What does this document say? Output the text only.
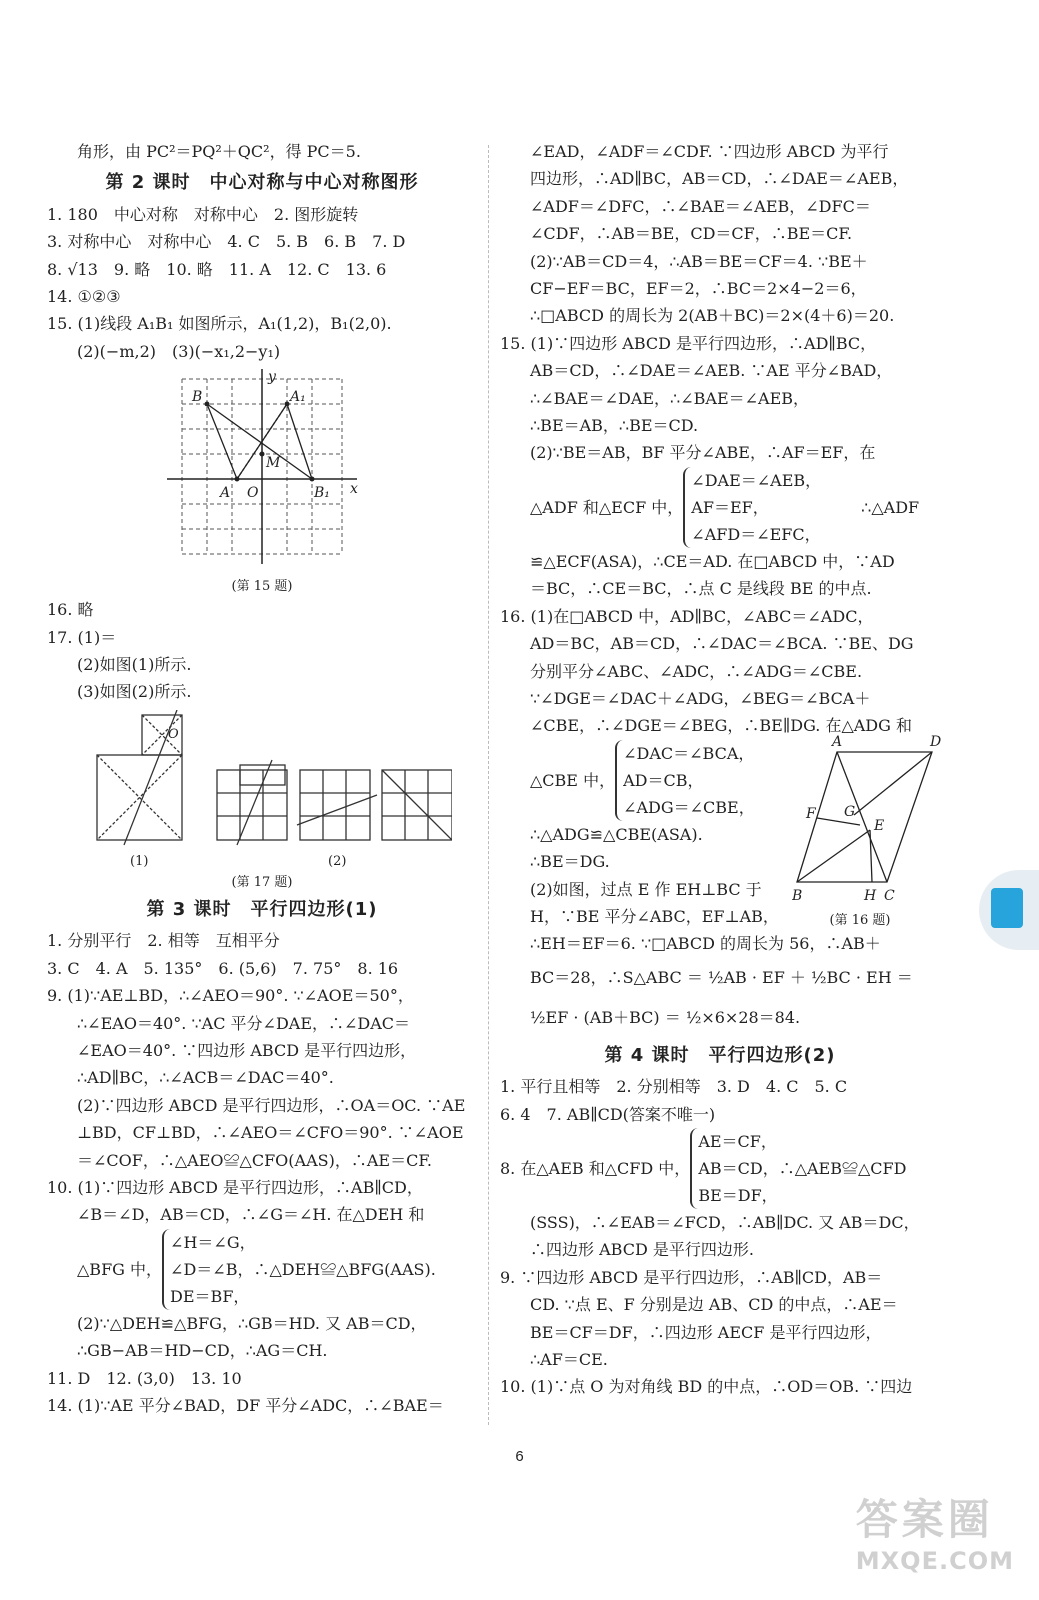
角形，由 PC²＝PQ²＋QC²，得 PC＝5.
第 2 课时　中心对称与中心对称图形
1. 180　中心对称　对称中心　2. 图形旋转
3. 对称中心　对称中心　4. C　5. B　6. B　7. D
8. √13　9. 略　10. 略　11. A　12. C　13. 6
14. ①②③
15. (1)线段 A₁B₁ 如图所示，A₁(1,2)，B₁(2,0).
(2)(−m,2)　(3)(−x₁,2−y₁)
B	A₁
M
A O	B₁ x
y
(第 15 题)
16. 略
17. (1)＝
(2)如图(1)所示.
(3)如图(2)所示.
O
(1)	(2)
(第 17 题)
第 3 课时　平行四边形(1)
1. 分别平行　2. 相等　互相平分
3. C　4. A　5. 135°　6. (5,6)　7. 75°　8. 16
9. (1)∵AE⊥BD，∴∠AEO＝90°. ∵∠AOE＝50°，
∴∠EAO＝40°. ∵AC 平分∠DAE，∴∠DAC＝
∠EAO＝40°. ∵四边形 ABCD 是平行四边形，
∴AD∥BC，∴∠ACB＝∠DAC＝40°.
(2)∵四边形 ABCD 是平行四边形，∴OA＝OC. ∵AE
⊥BD，CF⊥BD，∴∠AEO＝∠CFO＝90°. ∵∠AOE
＝∠COF，∴△AEO≌△CFO(AAS)，∴AE＝CF.
10. (1)∵四边形 ABCD 是平行四边形，∴AB∥CD，
∠B＝∠D，AB＝CD，∴∠G＝∠H. 在△DEH 和
△BFG 中，
∠H＝∠G，
∠D＝∠B，∴△DEH≌△BFG(AAS).
DE＝BF，
(2)∵△DEH≌△BFG，∴GB＝HD. 又 AB＝CD，
∴GB−AB＝HD−CD，∴AG＝CH.
11. D　12. (3,0)　13. 10
14. (1)∵AE 平分∠BAD，DF 平分∠ADC，∴∠BAE＝
∠EAD，∠ADF＝∠CDF. ∵四边形 ABCD 为平行
四边形，∴AD∥BC，AB＝CD，∴∠DAE＝∠AEB，
∠ADF＝∠DFC，∴∠BAE＝∠AEB，∠DFC＝
∠CDF，∴AB＝BE，CD＝CF，∴BE＝CF.
(2)∵AB＝CD＝4，∴AB＝BE＝CF＝4. ∵BE＋
CF−EF＝BC，EF＝2，∴BC＝2×4−2＝6，
∴□ABCD 的周长为 2(AB＋BC)＝2×(4＋6)＝20.
15. (1)∵四边形 ABCD 是平行四边形，∴AD∥BC，
AB＝CD，∴∠DAE＝∠AEB. ∵AE 平分∠BAD，
∴∠BAE＝∠DAE，∴∠BAE＝∠AEB，
∴BE＝AB，∴BE＝CD.
(2)∵BE＝AB，BF 平分∠ABE，∴AF＝EF，在
△ADF 和△ECF 中，
∠DAE＝∠AEB，
AF＝EF，
∠AFD＝∠EFC，
∴△ADF
≌△ECF(ASA)，∴CE＝AD. 在□ABCD 中，∵AD
＝BC，∴CE＝BC，∴点 C 是线段 BE 的中点.
16. (1)在□ABCD 中，AD∥BC，∠ABC＝∠ADC，
AD＝BC，AB＝CD，∴∠DAC＝∠BCA. ∵BE、DG
分别平分∠ABC、∠ADC，∴∠ADG＝∠CBE.
∵∠DGE＝∠DAC＋∠ADG，∠BEG＝∠BCA＋
∠CBE，∴∠DGE＝∠BEG，∴BE∥DG. 在△ADG 和
△CBE 中，
∠DAC＝∠BCA，
AD＝CB，
∠ADG＝∠CBE，
∴△ADG≌△CBE(ASA).
∴BE＝DG.
(2)如图，过点 E 作 EH⊥BC 于
H，∵BE 平分∠ABC，EF⊥AB，
A	D
F G
E
B	H C
(第 16 题)
∴EH＝EF＝6. ∵□ABCD 的周长为 56，∴AB＋
BC＝28，∴S△ABC ＝ ½AB · EF ＋ ½BC · EH ＝
½EF · (AB＋BC) ＝ ½×6×28＝84.
第 4 课时　平行四边形(2)
1. 平行且相等　2. 分别相等　3. D　4. C　5. C
6. 4　7. AB∥CD(答案不唯一)
8. 在△AEB 和△CFD 中，
AE＝CF，
AB＝CD，∴△AEB≌△CFD
BE＝DF，
(SSS)，∴∠EAB＝∠FCD，∴AB∥DC. 又 AB＝DC，
∴四边形 ABCD 是平行四边形.
9. ∵四边形 ABCD 是平行四边形，∴AB∥CD，AB＝
CD. ∵点 E、F 分别是边 AB、CD 的中点，∴AE＝
BE＝CF＝DF，∴四边形 AECF 是平行四边形，
∴AF＝CE.
10. (1)∵点 O 为对角线 BD 的中点，∴OD＝OB. ∵四边
6
答案圈
MXQE.COM
